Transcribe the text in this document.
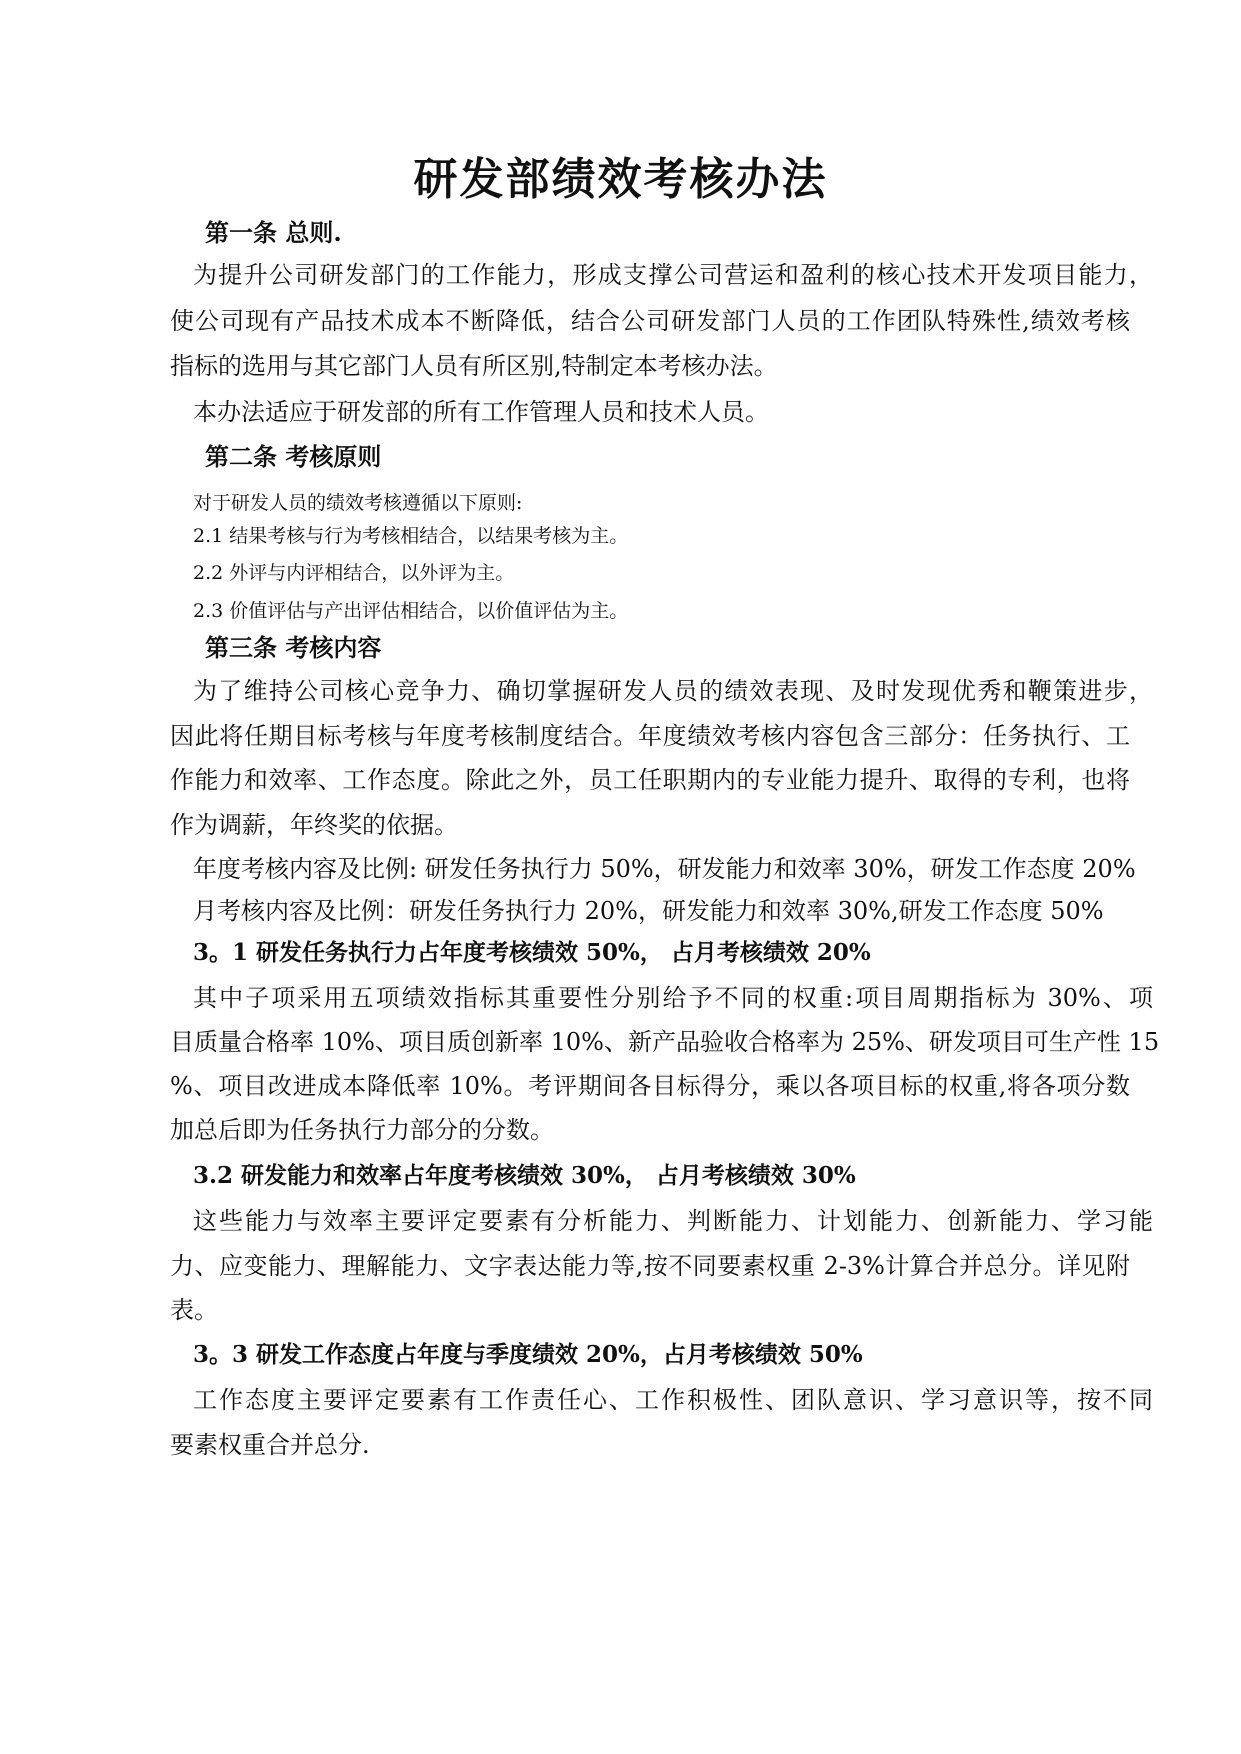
研发部绩效考核办法
第一条 总则.
为提升公司研发部门的工作能力，形成支撑公司营运和盈利的核心技术开发项目能力，
使公司现有产品技术成本不断降低，结合公司研发部门人员的工作团队特殊性,绩效考核
指标的选用与其它部门人员有所区别,特制定本考核办法。
本办法适应于研发部的所有工作管理人员和技术人员。
第二条 考核原则
对于研发人员的绩效考核遵循以下原则:
2.1 结果考核与行为考核相结合，以结果考核为主。
2.2 外评与内评相结合，以外评为主。
2.3 价值评估与产出评估相结合，以价值评估为主。
第三条 考核内容
为了维持公司核心竞争力、确切掌握研发人员的绩效表现、及时发现优秀和鞭策进步，
因此将任期目标考核与年度考核制度结合。年度绩效考核内容包含三部分：任务执行、工
作能力和效率、工作态度。除此之外，员工任职期内的专业能力提升、取得的专利，也将
作为调薪，年终奖的依据。
年度考核内容及比例: 研发任务执行力 50%，研发能力和效率 30%，研发工作态度 20%
月考核内容及比例：研发任务执行力 20%，研发能力和效率 30%,研发工作态度 50%
3。1 研发任务执行力占年度考核绩效 50%， 占月考核绩效 20%
其中子项采用五项绩效指标其重要性分别给予不同的权重:项目周期指标为 30%、项
目质量合格率 10%、项目质创新率 10%、新产品验收合格率为 25%、研发项目可生产性 15
%、项目改进成本降低率 10%。考评期间各目标得分，乘以各项目标的权重,将各项分数
加总后即为任务执行力部分的分数。
3.2 研发能力和效率占年度考核绩效 30%， 占月考核绩效 30%
这些能力与效率主要评定要素有分析能力、判断能力、计划能力、创新能力、学习能
力、应变能力、理解能力、文字表达能力等,按不同要素权重 2-3%计算合并总分。详见附
表。
3。3 研发工作态度占年度与季度绩效 20%，占月考核绩效 50%
工作态度主要评定要素有工作责任心、工作积极性、团队意识、学习意识等，按不同
要素权重合并总分.
